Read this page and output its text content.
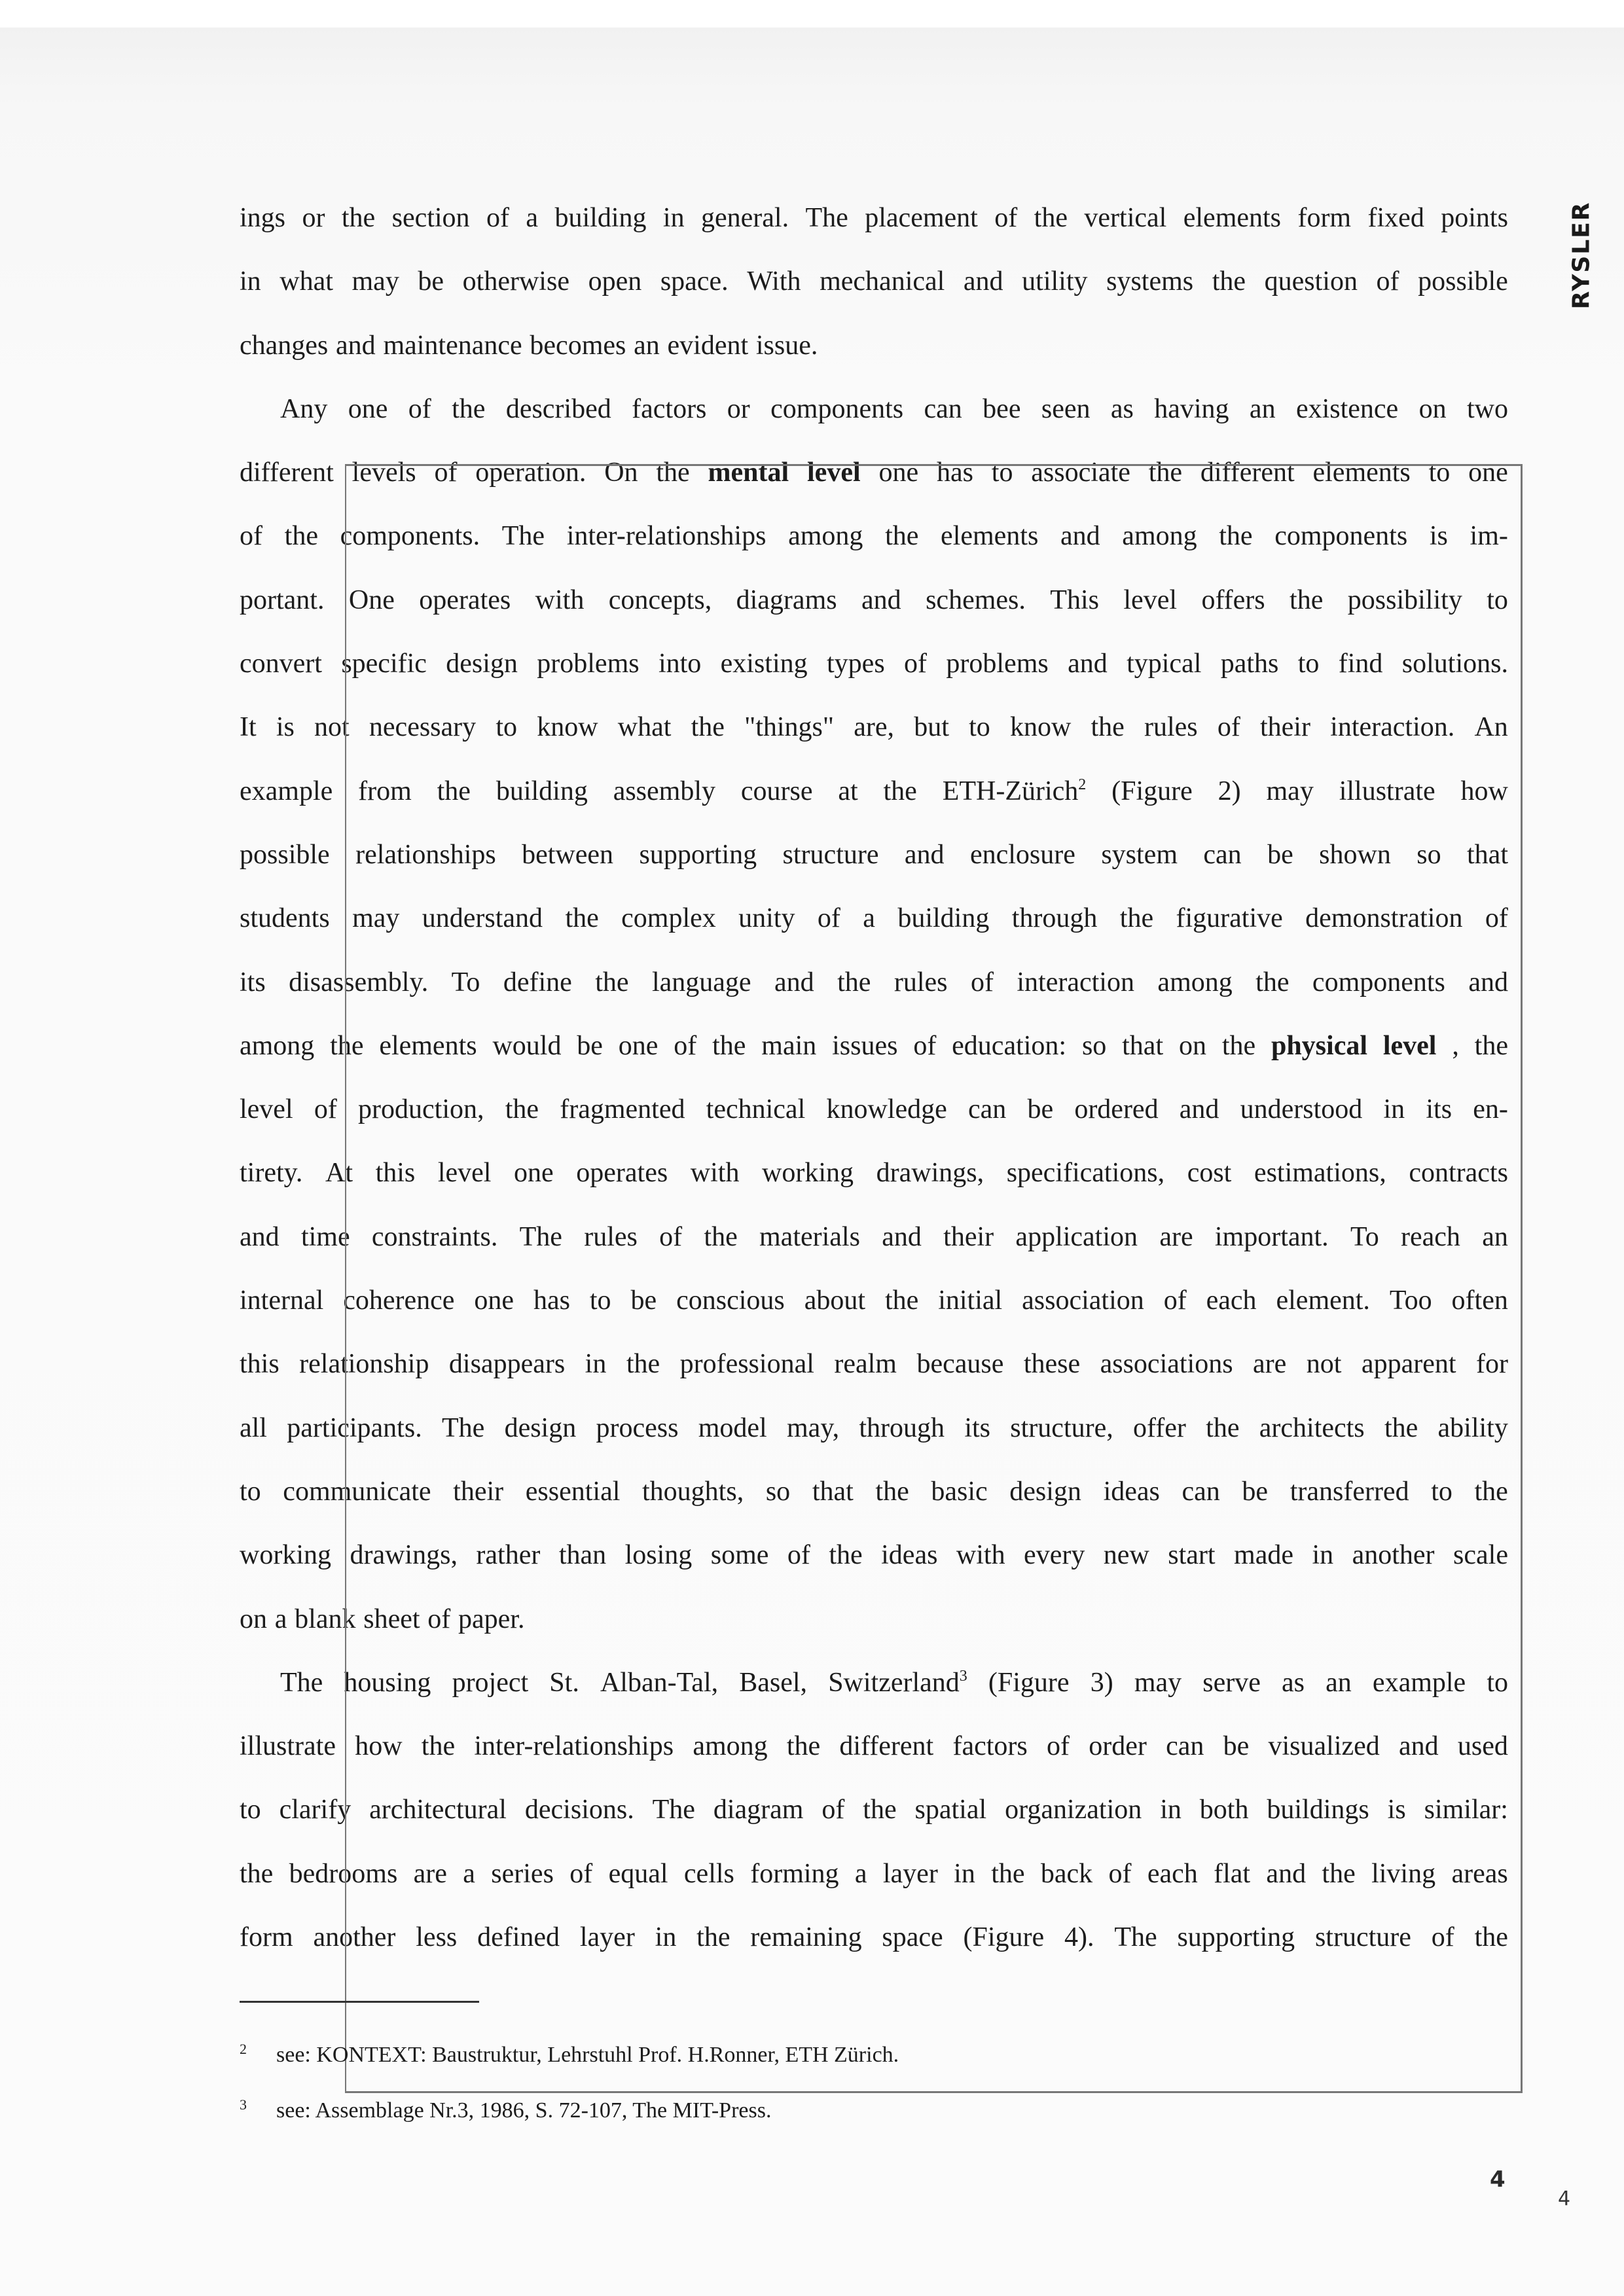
RYSLER
ings or the section of a building in general. The placement of the vertical elements form fixed points
in what may be otherwise open space. With mechanical and utility systems the question of possible
changes and maintenance becomes an evident issue.
Any one of the described factors or components can bee seen as having an existence on two
different levels of operation. On the mental level one has to associate the different elements to one
of the components. The inter-relationships among the elements and among the components is im-
portant. One operates with concepts, diagrams and schemes. This level offers the possibility to
convert specific design problems into existing types of problems and typical paths to find solutions.
It is not necessary to know what the "things" are, but to know the rules of their interaction. An
example from the building assembly course at the ETH-Zürich$^2$ (Figure 2) may illustrate how
possible relationships between supporting structure and enclosure system can be shown so that
students may understand the complex unity of a building through the figurative demonstration of
its disassembly. To define the language and the rules of interaction among the components and
among the elements would be one of the main issues of education: so that on the physical level , the
level of production, the fragmented technical knowledge can be ordered and understood in its en-
tirety. At this level one operates with working drawings, specifications, cost estimations, contracts
and time constraints. The rules of the materials and their application are important. To reach an
internal coherence one has to be conscious about the initial association of each element. Too often
this relationship disappears in the professional realm because these associations are not apparent for
all participants. The design process model may, through its structure, offer the architects the ability
to communicate their essential thoughts, so that the basic design ideas can be transferred to the
working drawings, rather than losing some of the ideas with every new start made in another scale
on a blank sheet of paper.
The housing project St. Alban-Tal, Basel, Switzerland$^3$ (Figure 3) may serve as an example to
illustrate how the inter-relationships among the different factors of order can be visualized and used
to clarify architectural decisions. The diagram of the spatial organization in both buildings is similar:
the bedrooms are a series of equal cells forming a layer in the back of each flat and the living areas
form another less defined layer in the remaining space (Figure 4). The supporting structure of the
2 see: KONTEXT: Baustruktur, Lehrstuhl Prof. H.Ronner, ETH Zürich.
3 see: Assemblage Nr.3, 1986, S. 72-107, The MIT-Press.
4
4
